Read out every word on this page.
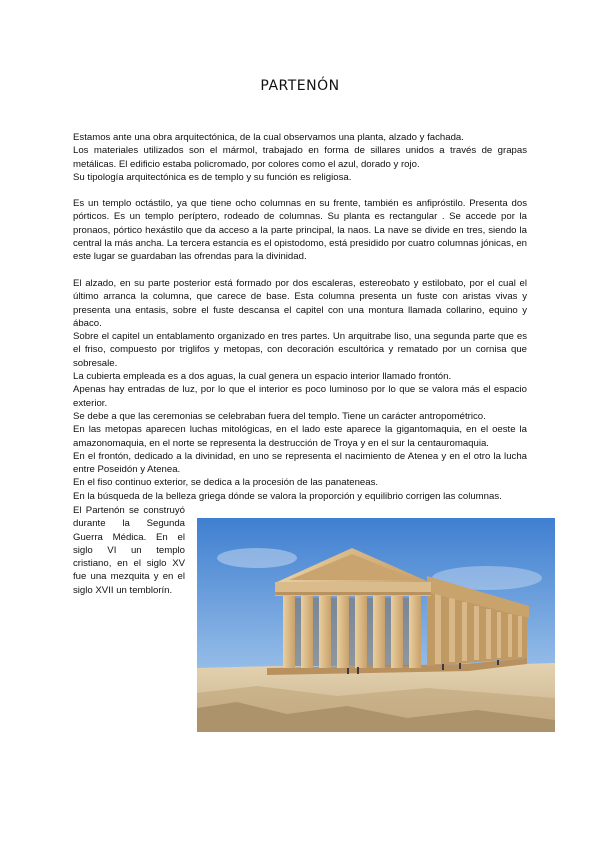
PARTENÓN

Estamos ante una obra arquitectónica, de la cual observamos una planta, alzado y fachada.

Los materiales utilizados son el mármol, trabajado en forma de sillares unidos a través de grapas metálicas. El edificio estaba policromado, por colores como el azul, dorado y rojo.

Su tipología arquitectónica es de templo y su función es religiosa.

Es un templo octástilo, ya que tiene ocho columnas en su frente, también es anfipróstilo. Presenta dos pórticos. Es un templo períptero, rodeado de columnas. Su planta es rectangular . Se accede por la pronaos, pórtico hexástilo que da acceso a la parte principal, la naos. La nave se divide en tres, siendo la central la más ancha. La tercera estancia es el opistodomo, está presidido por cuatro columnas jónicas, en este lugar se guardaban las ofrendas para la divinidad.

El alzado, en su parte posterior está formado por dos escaleras, estereobato y estilobato, por el cual el último arranca la columna, que carece de base. Esta columna presenta un fuste con aristas vivas y presenta una entasis, sobre el fuste descansa el capitel con una montura llamada collarino, equino y ábaco.

Sobre el capitel un entablamento organizado en tres partes. Un arquitrabe liso, una segunda parte que es el friso, compuesto por triglifos y metopas, con decoración escultórica y rematado por un cornisa que sobresale.

La cubierta empleada es a dos aguas, la cual genera un espacio interior llamado frontón.

Apenas hay entradas de luz, por lo que el interior es poco luminoso por lo que se valora más el espacio exterior.

Se debe a que las ceremonias se celebraban fuera del templo. Tiene un carácter antropométrico.

En las metopas aparecen luchas mitológicas, en el lado este aparece la gigantomaquia, en el oeste la amazonomaquia, en el norte se representa la destrucción de Troya y en el sur la centauromaquia.

En el frontón, dedicado a la divinidad, en uno se representa el nacimiento de Atenea y en el otro la lucha entre Poseidón y Atenea.

En el fiso continuo exterior, se dedica a la procesión de las panateneas.

En la búsqueda de la belleza griega dónde se valora la proporción y equilibrio corrigen las columnas.

El Partenón se construyó durante la Segunda Guerra Médica. En el siglo VI un templo cristiano, en el siglo XV fue una mezquita y en el siglo XVII un temblorín.
